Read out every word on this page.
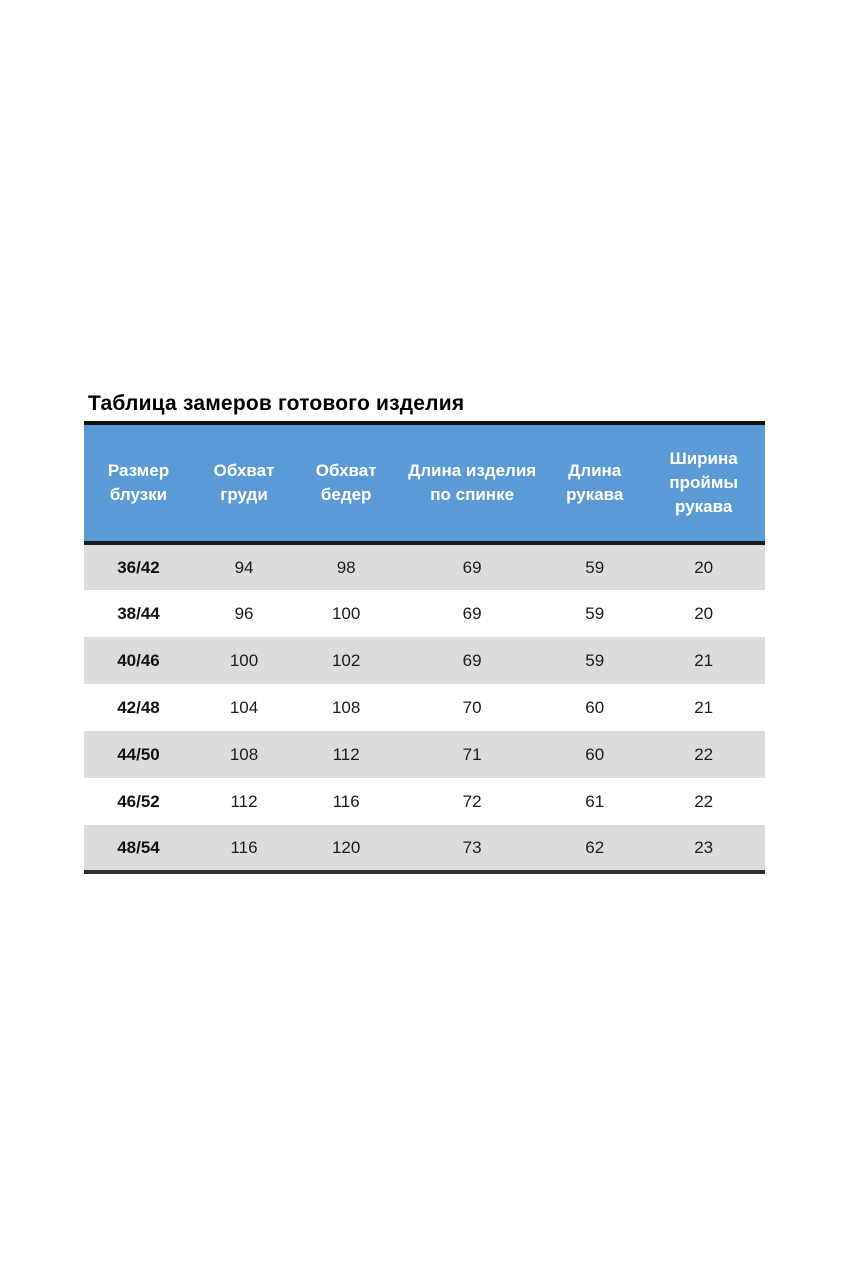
Таблица замеров готового изделия
Размер блузки	Обхват груди	Обхват бедер	Длина изделия по спинке	Длина рукава	Ширина проймы рукава
36/42	94	98	69	59	20
38/44	96	100	69	59	20
40/46	100	102	69	59	21
42/48	104	108	70	60	21
44/50	108	112	71	60	22
46/52	112	116	72	61	22
48/54	116	120	73	62	23
